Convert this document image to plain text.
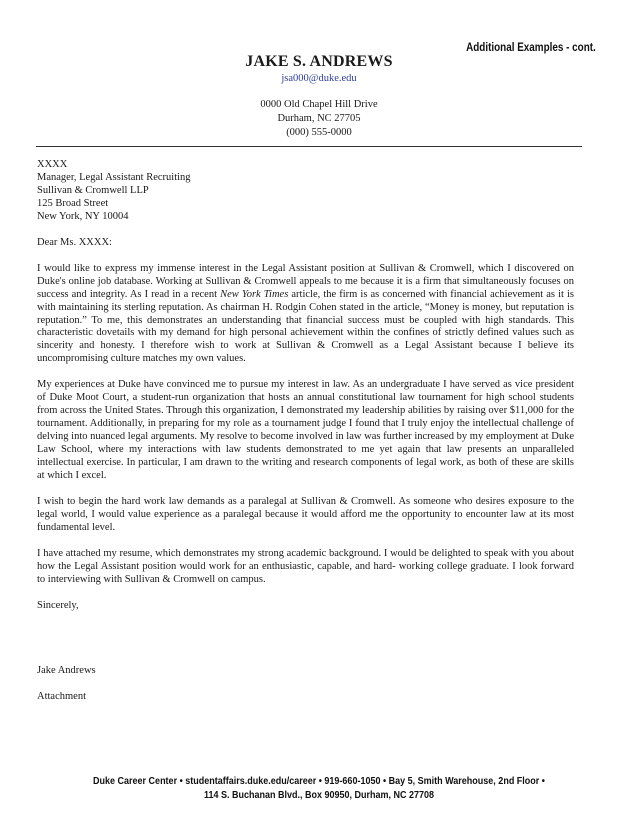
Additional Examples - cont.
JAKE S. ANDREWS
jsa000@duke.edu
0000 Old Chapel Hill Drive
Durham, NC 27705
(000) 555-0000
XXXX
Manager, Legal Assistant Recruiting
Sullivan & Cromwell LLP
125 Broad Street
New York, NY 10004

Dear Ms. XXXX:

I would like to express my immense interest in the Legal Assistant position at Sullivan & Cromwell, which I discovered on Duke's online job database. Working at Sullivan & Cromwell appeals to me because it is a firm that simultaneously focuses on success and integrity. As I read in a recent New York Times article, the firm is as concerned with financial achievement as it is with maintaining its sterling reputation. As chairman H. Rodgin Cohen stated in the article, “Money is money, but reputation is reputation.” To me, this demonstrates an understanding that financial success must be coupled with high standards. This characteristic dovetails with my demand for high personal achievement within the confines of strictly defined values such as sincerity and honesty. I therefore wish to work at Sullivan & Cromwell as a Legal Assistant because I believe its uncompromising culture matches my own values.

My experiences at Duke have convinced me to pursue my interest in law. As an undergraduate I have served as vice president of Duke Moot Court, a student-run organization that hosts an annual constitutional law tournament for high school students from across the United States. Through this organization, I demonstrated my leadership abilities by raising over $11,000 for the tournament. Additionally, in preparing for my role as a tournament judge I found that I truly enjoy the intellectual challenge of delving into nuanced legal arguments. My resolve to become involved in law was further increased by my employment at Duke Law School, where my interactions with law students demonstrated to me yet again that law presents an unparalleled intellectual exercise. In particular, I am drawn to the writing and research components of legal work, as both of these are skills at which I excel.

I wish to begin the hard work law demands as a paralegal at Sullivan & Cromwell. As someone who desires exposure to the legal world, I would value experience as a paralegal because it would afford me the opportunity to encounter law at its most fundamental level.

I have attached my resume, which demonstrates my strong academic background. I would be delighted to speak with you about how the Legal Assistant position would work for an enthusiastic, capable, and hard- working college graduate. I look forward to interviewing with Sullivan & Cromwell on campus.

Sincerely,

Jake Andrews

Attachment

Duke Career Center • studentaffairs.duke.edu/career • 919-660-1050 • Bay 5, Smith Warehouse, 2nd Floor •
114 S. Buchanan Blvd., Box 90950, Durham, NC 27708
